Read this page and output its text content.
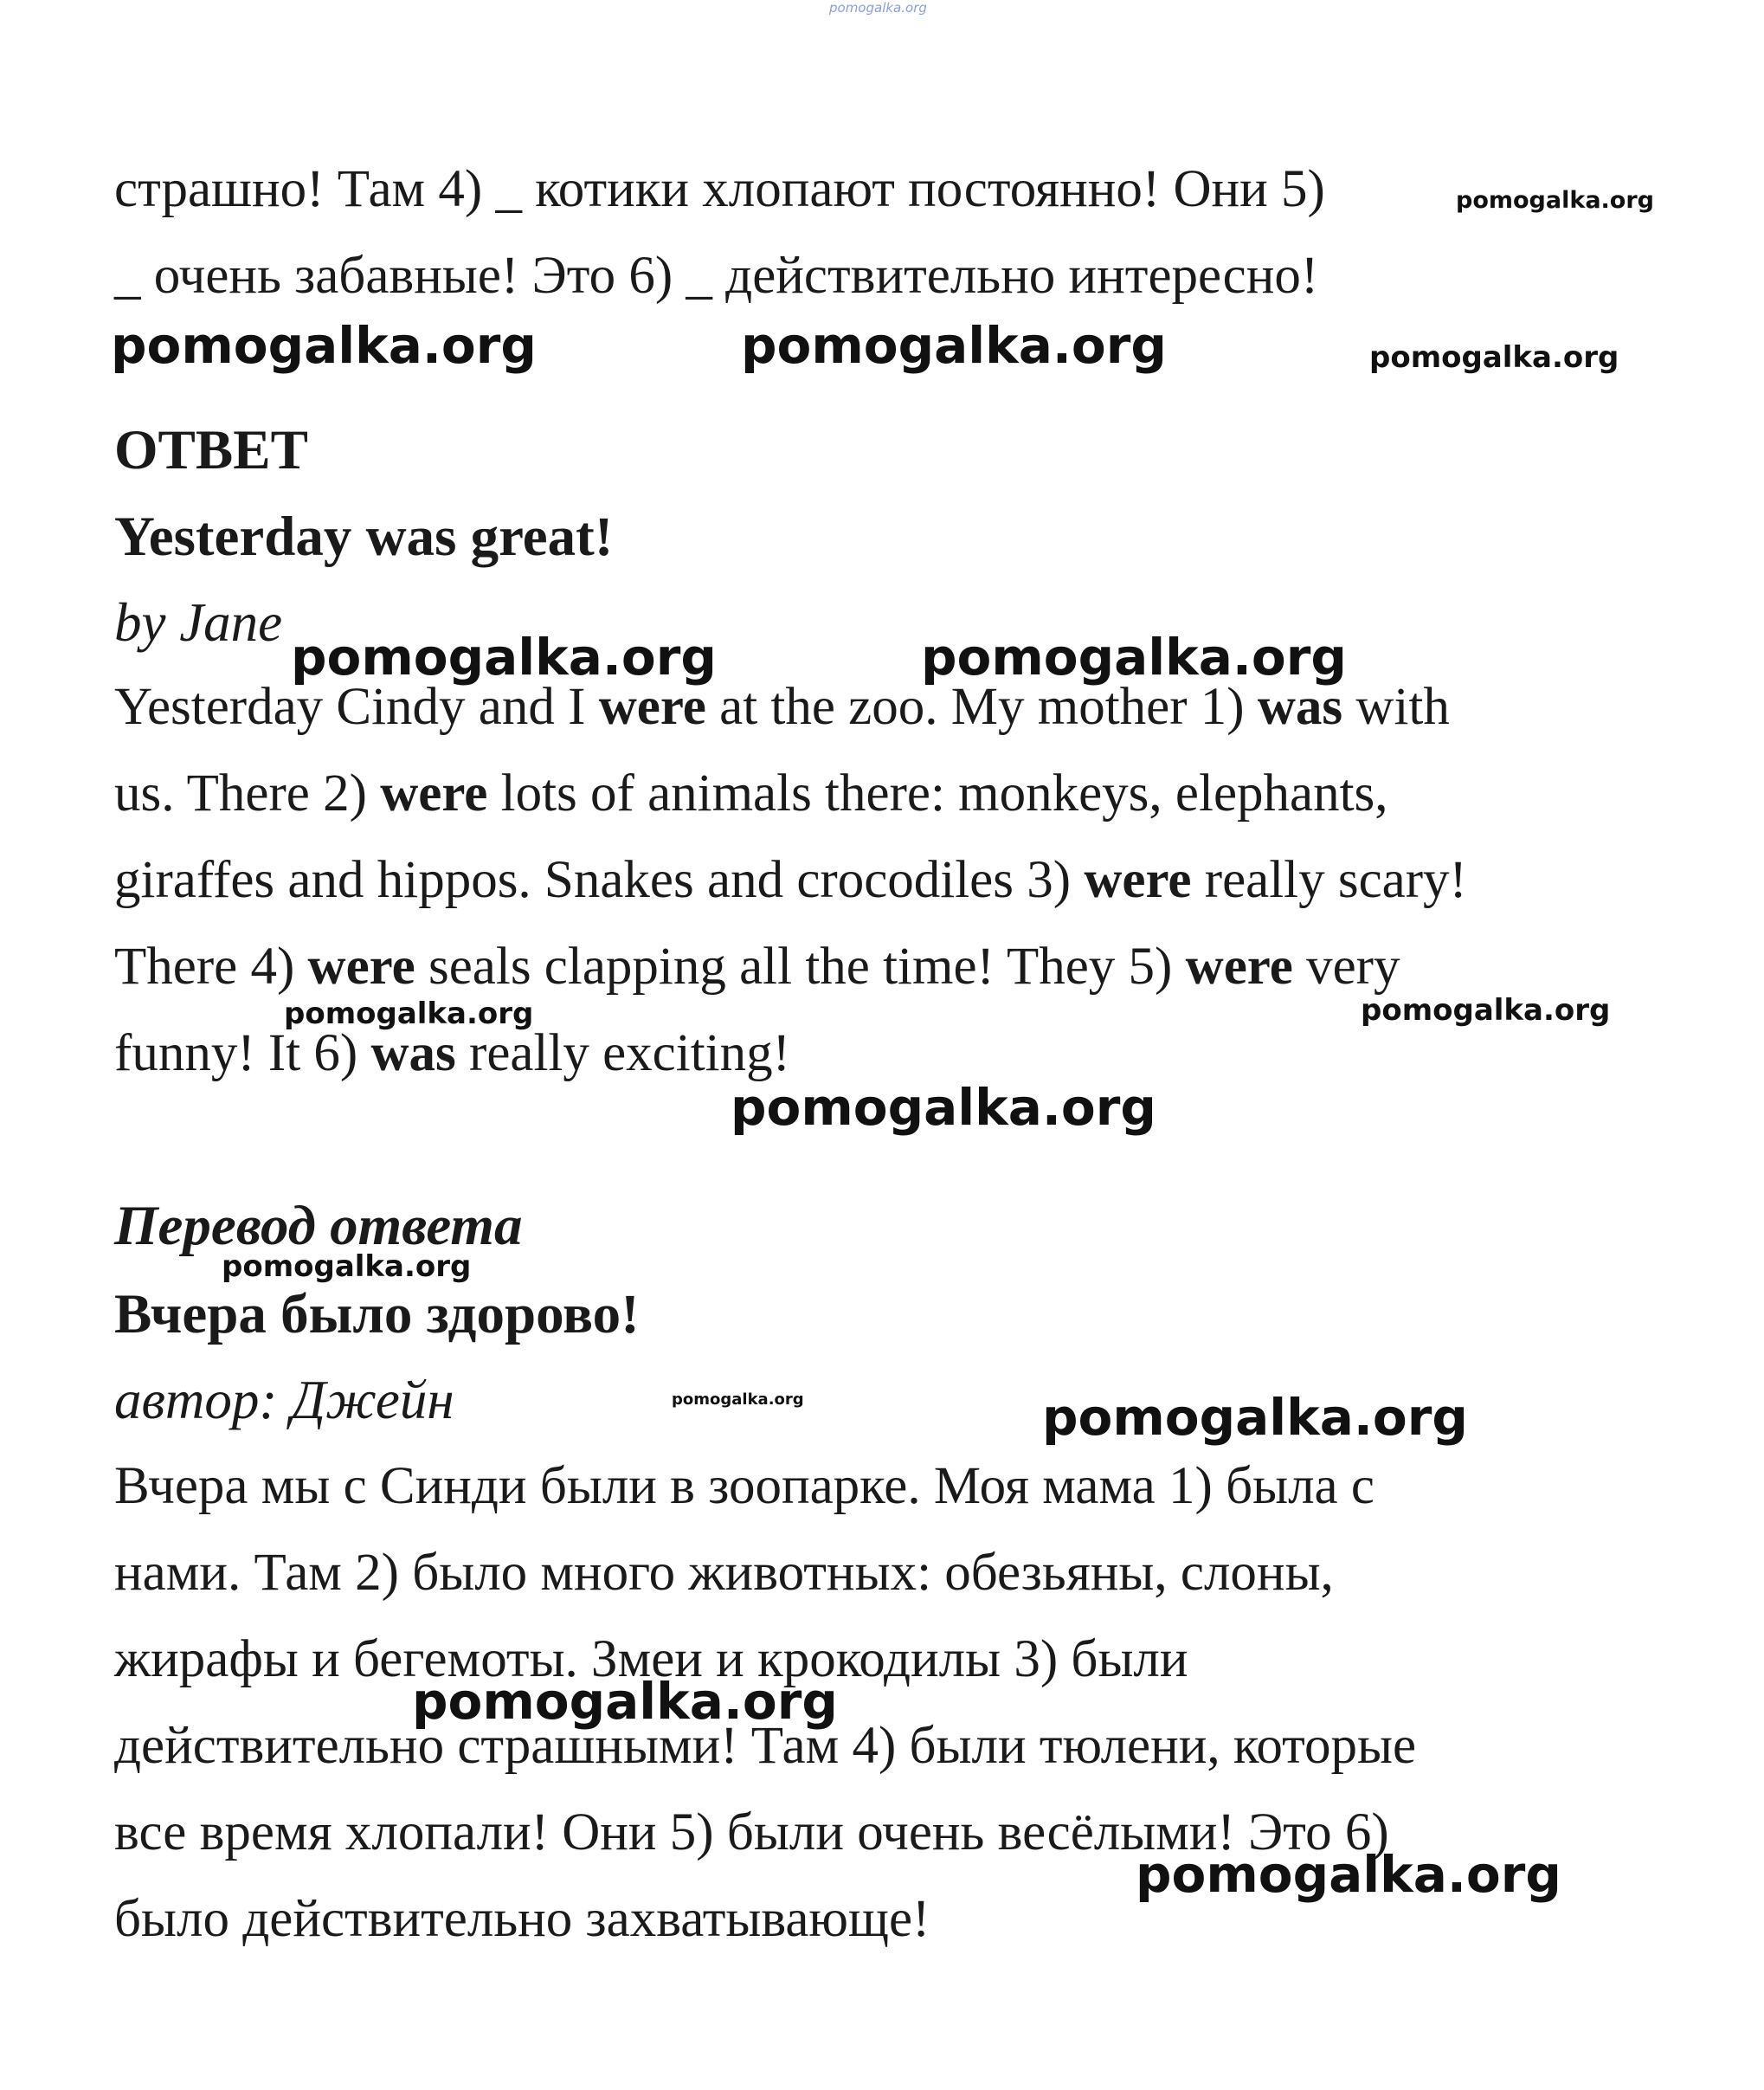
pomogalka.org
страшно! Там 4) _ котики хлопают постоянно! Они 5)	pomogalka.org
_ очень забавные! Это 6) _ действительно интересно!
pomogalka.org	pomogalka.org	pomogalka.org
ОТВЕТ
Yesterday was great!
by Jane
pomogalka.org	pomogalka.org
Yesterday Cindy and I were at the zoo. My mother 1) was with
us. There 2) were lots of animals there: monkeys, elephants,
giraffes and hippos. Snakes and crocodiles 3) were really scary!
There 4) were seals clapping all the time! They 5) were very
pomogalka.org	pomogalka.org
funny! It 6) was really exciting!
pomogalka.org
Перевод ответа
pomogalka.org
Вчера было здорово!
автор: Джейн	pomogalka.org	pomogalka.org
Вчера мы с Синди были в зоопарке. Моя мама 1) была с
нами. Там 2) было много животных: обезьяны, слоны,
жирафы и бегемоты. Змеи и крокодилы 3) были
pomogalka.org
действительно страшными! Там 4) были тюлени, которые
все время хлопали! Они 5) были очень весёлыми! Это 6)
pomogalka.org
было действительно захватывающе!
